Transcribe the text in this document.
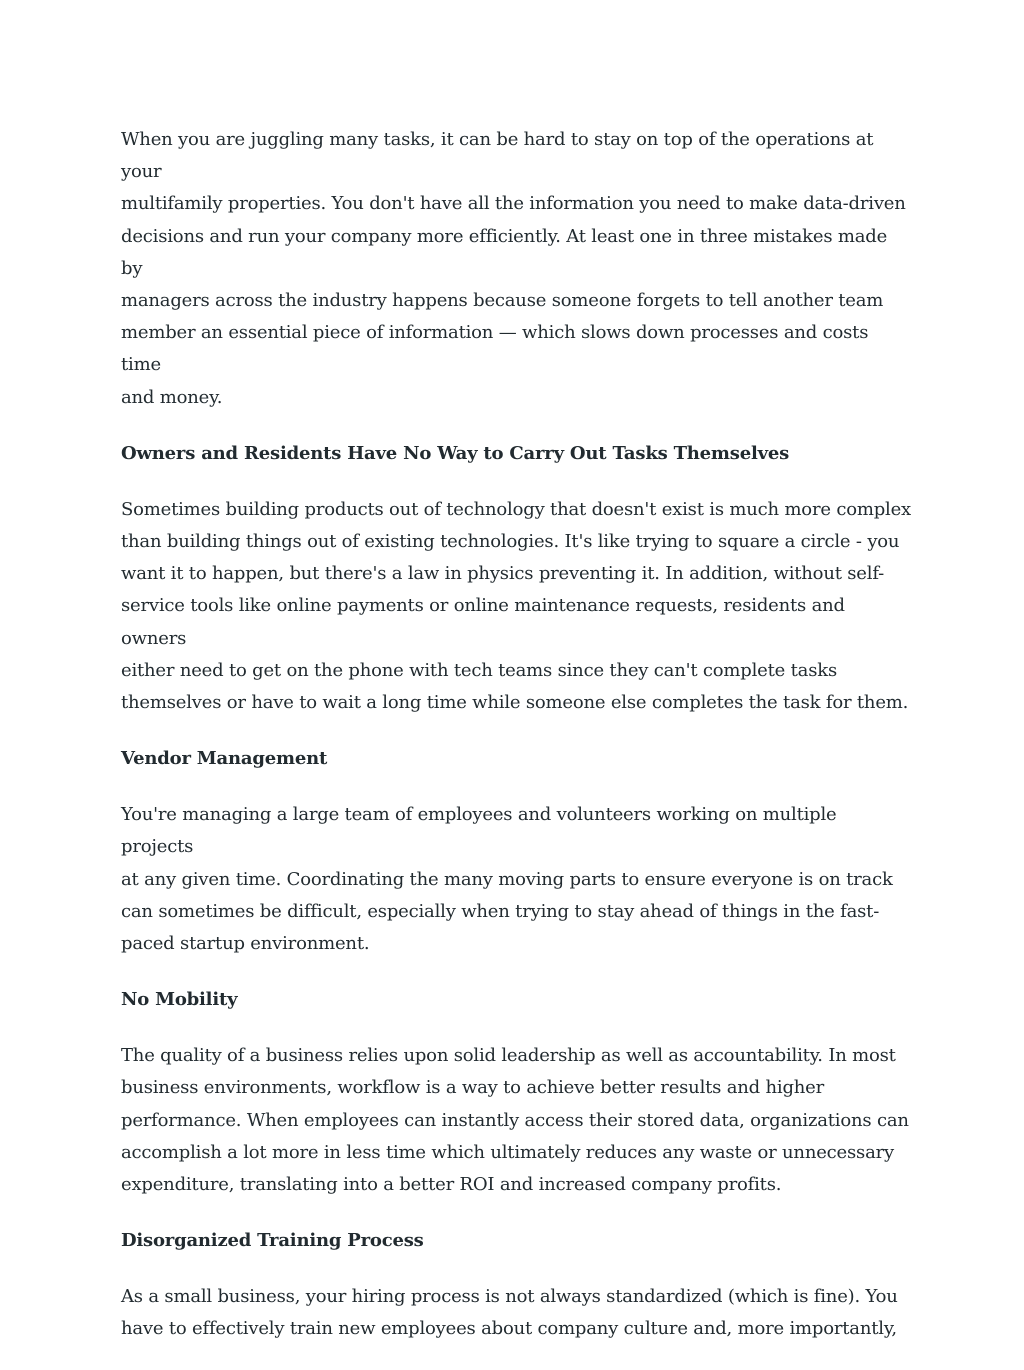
When you are juggling many tasks, it can be hard to stay on top of the operations at your
multifamily properties. You don't have all the information you need to make data-driven
decisions and run your company more efficiently. At least one in three mistakes made by
managers across the industry happens because someone forgets to tell another team
member an essential piece of information — which slows down processes and costs time
and money.

Owners and Residents Have No Way to Carry Out Tasks Themselves

Sometimes building products out of technology that doesn't exist is much more complex
than building things out of existing technologies. It's like trying to square a circle - you
want it to happen, but there's a law in physics preventing it. In addition, without self-
service tools like online payments or online maintenance requests, residents and owners
either need to get on the phone with tech teams since they can't complete tasks
themselves or have to wait a long time while someone else completes the task for them.

Vendor Management

You're managing a large team of employees and volunteers working on multiple projects
at any given time. Coordinating the many moving parts to ensure everyone is on track
can sometimes be difficult, especially when trying to stay ahead of things in the fast-
paced startup environment.

No Mobility

The quality of a business relies upon solid leadership as well as accountability. In most
business environments, workflow is a way to achieve better results and higher
performance. When employees can instantly access their stored data, organizations can
accomplish a lot more in less time which ultimately reduces any waste or unnecessary
expenditure, translating into a better ROI and increased company profits.

Disorganized Training Process

As a small business, your hiring process is not always standardized (which is fine). You
have to effectively train new employees about company culture and, more importantly,
